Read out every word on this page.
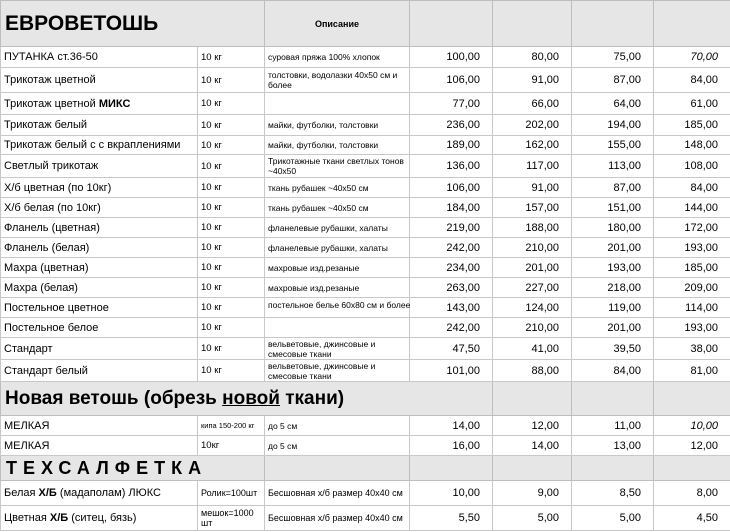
ЕВРОВЕТОШЬ		Описание				
ПУТАНКА ст.36-50	10 кг	суровая пряжа 100% хлопок	100,00	80,00	75,00	70,00
Трикотаж цветной	10 кг	толстовки, водолазки 40х50 см и более	106,00	91,00	87,00	84,00
Трикотаж цветной МИКС	10 кг		77,00	66,00	64,00	61,00
Трикотаж белый	10 кг	майки, футболки, толстовки	236,00	202,00	194,00	185,00
Трикотаж белый с с вкраплениями	10 кг	майки, футболки, толстовки	189,00	162,00	155,00	148,00
Светлый трикотаж	10 кг	Трикотажные ткани светлых тонов ~40х50	136,00	117,00	113,00	108,00
Х/б цветная (по 10кг)	10 кг	ткань рубашек ~40х50 см	106,00	91,00	87,00	84,00
Х/б белая (по 10кг)	10 кг	ткань рубашек ~40х50 см	184,00	157,00	151,00	144,00
Фланель (цветная)	10 кг	фланелевые рубашки, халаты	219,00	188,00	180,00	172,00
Фланель (белая)	10 кг	фланелевые рубашки, халаты	242,00	210,00	201,00	193,00
Махра (цветная)	10 кг	махровые изд.резаные	234,00	201,00	193,00	185,00
Махра (белая)	10 кг	махровые изд.резаные	263,00	227,00	218,00	209,00
Постельное цветное	10 кг	постельное белье 60х80 см и более	143,00	124,00	119,00	114,00
Постельное белое	10 кг		242,00	210,00	201,00	193,00
Стандарт	10 кг	вельветовые, джинсовые и смесовые ткани	47,50	41,00	39,50	38,00
Стандарт белый	10 кг	вельветовые, джинсовые и смесовые ткани	101,00	88,00	84,00	81,00
Новая ветошь (обрезь новой ткани)						
МЕЛКАЯ	кипа 150-200 кг	до 5 см	14,00	12,00	11,00	10,00
МЕЛКАЯ	10кг	до 5 см	16,00	14,00	13,00	12,00
ТЕХСАЛФЕТКА						
Белая Х/Б (мадаполам) ЛЮКС	Ролик=100шт	Бесшовная х/б размер 40х40 см	10,00	9,00	8,50	8,00
Цветная Х/Б (ситец, бязь)	мешок=1000 шт	Бесшовная х/б размер 40х40 см	5,50	5,00	5,00	4,50
